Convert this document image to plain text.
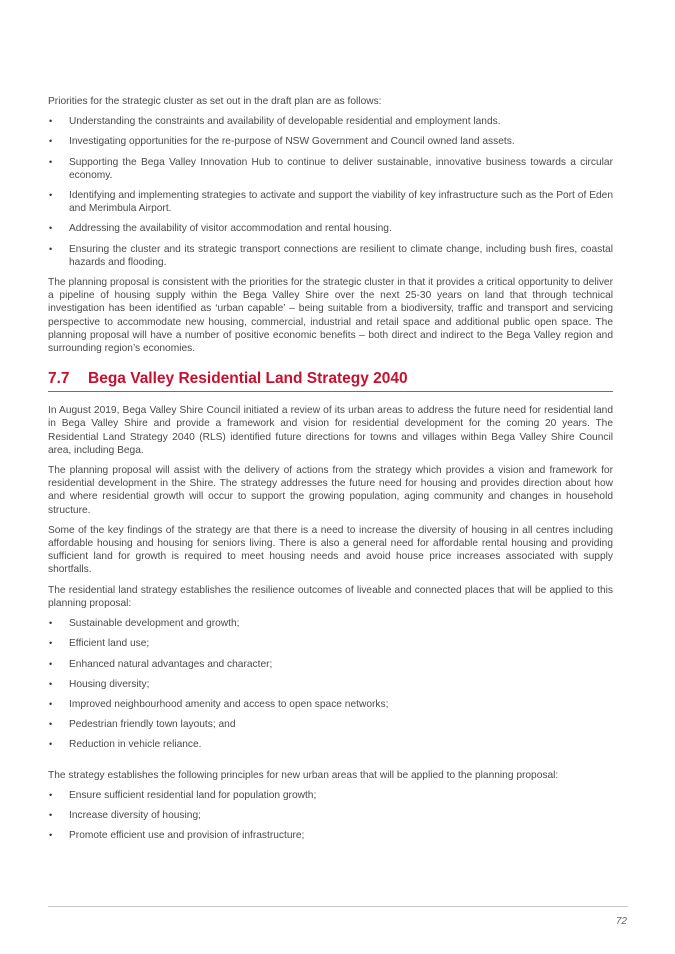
Priorities for the strategic cluster as set out in the draft plan are as follows:

• Understanding the constraints and availability of developable residential and employment lands.
• Investigating opportunities for the re-purpose of NSW Government and Council owned land assets.
• Supporting the Bega Valley Innovation Hub to continue to deliver sustainable, innovative business towards a circular economy.
• Identifying and implementing strategies to activate and support the viability of key infrastructure such as the Port of Eden and Merimbula Airport.
• Addressing the availability of visitor accommodation and rental housing.
• Ensuring the cluster and its strategic transport connections are resilient to climate change, including bush fires, coastal hazards and flooding.

The planning proposal is consistent with the priorities for the strategic cluster in that it provides a critical opportunity to deliver a pipeline of housing supply within the Bega Valley Shire over the next 25-30 years on land that through technical investigation has been identified as ‘urban capable’ – being suitable from a biodiversity, traffic and transport and servicing perspective to accommodate new housing, commercial, industrial and retail space and additional public open space. The planning proposal will have a number of positive economic benefits – both direct and indirect to the Bega Valley region and surrounding region’s economies.

7.7	Bega Valley Residential Land Strategy 2040

In August 2019, Bega Valley Shire Council initiated a review of its urban areas to address the future need for residential land in Bega Valley Shire and provide a framework and vision for residential development for the coming 20 years. The Residential Land Strategy 2040 (RLS) identified future directions for towns and villages within Bega Valley Shire Council area, including Bega.

The planning proposal will assist with the delivery of actions from the strategy which provides a vision and framework for residential development in the Shire. The strategy addresses the future need for housing and provides direction about how and where residential growth will occur to support the growing population, aging community and changes in household structure.

Some of the key findings of the strategy are that there is a need to increase the diversity of housing in all centres including affordable housing and housing for seniors living. There is also a general need for affordable rental housing and providing sufficient land for growth is required to meet housing needs and avoid house price increases associated with supply shortfalls.

The residential land strategy establishes the resilience outcomes of liveable and connected places that will be applied to this planning proposal:

• Sustainable development and growth;
• Efficient land use;
• Enhanced natural advantages and character;
• Housing diversity;
• Improved neighbourhood amenity and access to open space networks;
• Pedestrian friendly town layouts; and
• Reduction in vehicle reliance.

The strategy establishes the following principles for new urban areas that will be applied to the planning proposal:

• Ensure sufficient residential land for population growth;
• Increase diversity of housing;
• Promote efficient use and provision of infrastructure;
72
